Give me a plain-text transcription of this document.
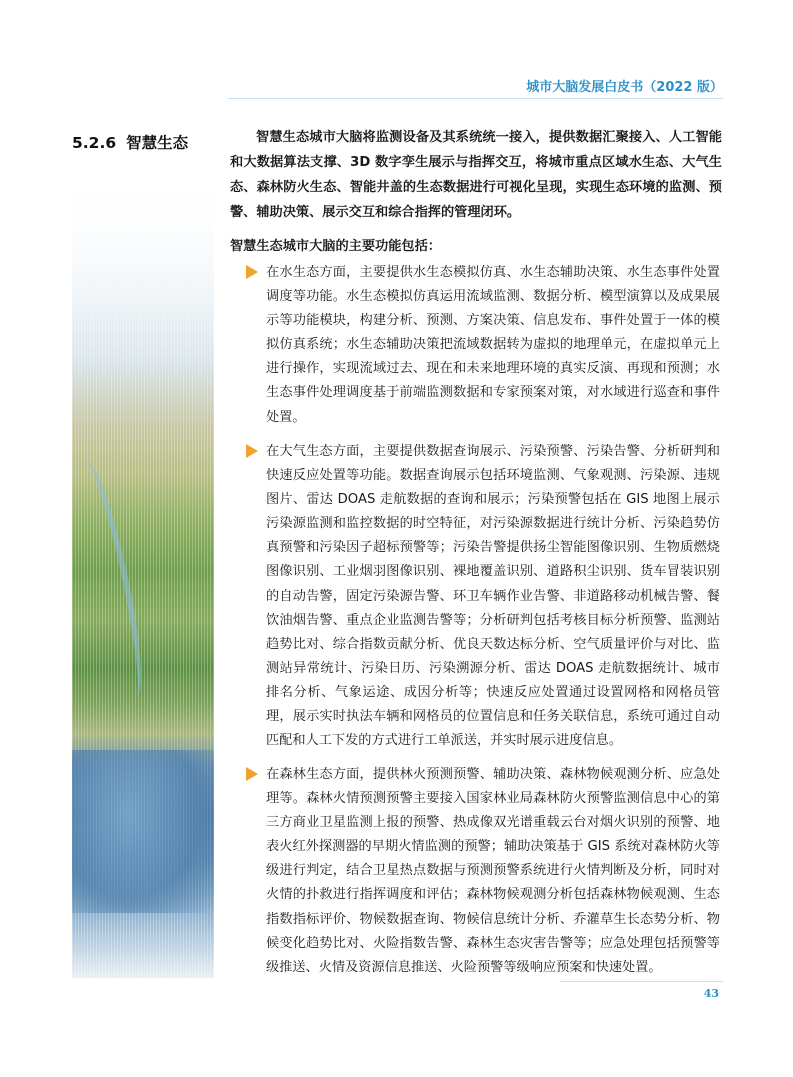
城市大脑发展白皮书（2022 版）
5.2.6 智慧生态	智慧生态城市大脑将监测设备及其系统统一接入，提供数据汇聚接入、人工智能和大数据算法支撑、3D 数字孪生展示与指挥交互，将城市重点区域水生态、大气生态、森林防火生态、智能井盖的生态数据进行可视化呈现，实现生态环境的监测、预警、辅助决策、展示交互和综合指挥的管理闭环。
智慧生态城市大脑的主要功能包括：
在水生态方面，主要提供水生态模拟仿真、水生态辅助决策、水生态事件处置调度等功能。水生态模拟仿真运用流域监测、数据分析、模型演算以及成果展示等功能模块，构建分析、预测、方案决策、信息发布、事件处置于一体的模拟仿真系统；水生态辅助决策把流域数据转为虚拟的地理单元，在虚拟单元上进行操作，实现流域过去、现在和未来地理环境的真实反演、再现和预测；水生态事件处理调度基于前端监测数据和专家预案对策，对水域进行巡查和事件处置。
在大气生态方面，主要提供数据查询展示、污染预警、污染告警、分析研判和快速反应处置等功能。数据查询展示包括环境监测、气象观测、污染源、违规图片、雷达 DOAS 走航数据的查询和展示；污染预警包括在 GIS 地图上展示污染源监测和监控数据的时空特征，对污染源数据进行统计分析、污染趋势仿真预警和污染因子超标预警等；污染告警提供扬尘智能图像识别、生物质燃烧图像识别、工业烟羽图像识别、裸地覆盖识别、道路积尘识别、货车冒装识别的自动告警，固定污染源告警、环卫车辆作业告警、非道路移动机械告警、餐饮油烟告警、重点企业监测告警等；分析研判包括考核目标分析预警、监测站趋势比对、综合指数贡献分析、优良天数达标分析、空气质量评价与对比、监测站异常统计、污染日历、污染溯源分析、雷达 DOAS 走航数据统计、城市排名分析、气象运途、成因分析等；快速反应处置通过设置网格和网格员管理，展示实时执法车辆和网格员的位置信息和任务关联信息，系统可通过自动匹配和人工下发的方式进行工单派送，并实时展示进度信息。
在森林生态方面，提供林火预测预警、辅助决策、森林物候观测分析、应急处理等。森林火情预测预警主要接入国家林业局森林防火预警监测信息中心的第三方商业卫星监测上报的预警、热成像双光谱重载云台对烟火识别的预警、地表火红外探测器的早期火情监测的预警；辅助决策基于 GIS 系统对森林防火等级进行判定，结合卫星热点数据与预测预警系统进行火情判断及分析，同时对火情的扑救进行指挥调度和评估；森林物候观测分析包括森林物候观测、生态指数指标评价、物候数据查询、物候信息统计分析、乔灌草生长态势分析、物候变化趋势比对、火险指数告警、森林生态灾害告警等；应急处理包括预警等级推送、火情及资源信息推送、火险预警等级响应预案和快速处置。
43
